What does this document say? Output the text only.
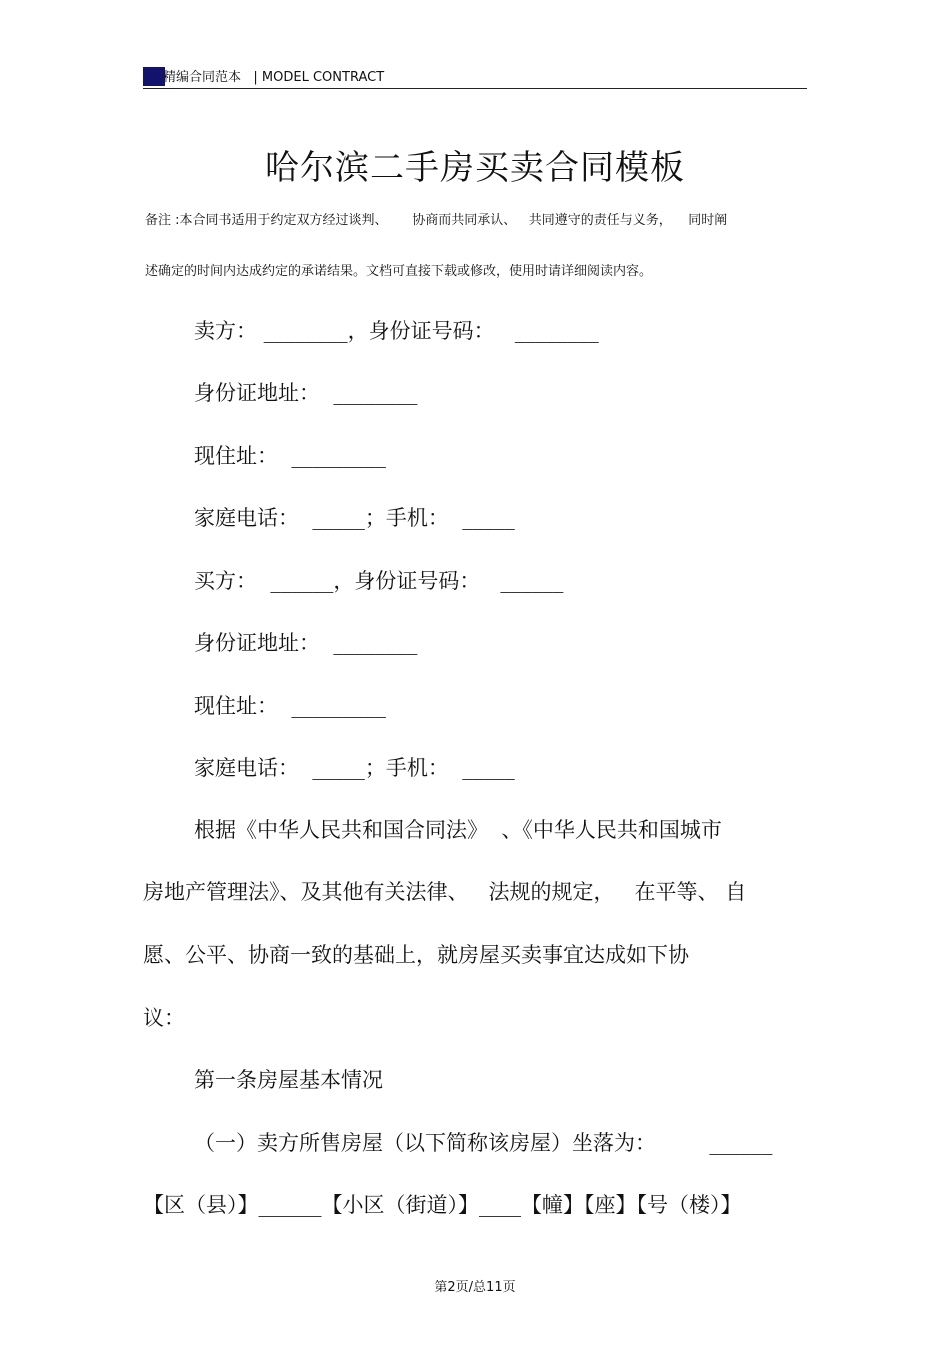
精编合同范本 | MODEL CONTRACT
哈尔滨二手房买卖合同模板
备注 :本合同书适用于约定双方经过谈判、      协商而共同承认、   共同遵守的责任与义务，    同时阐
述确定的时间内达成约定的承诺结果。文档可直接下载或修改，使用时请详细阅读内容。
卖方： ________，身份证号码：   ________
身份证地址：  ________
现住址：  _________
家庭电话：  _____；手机：  _____
买方：  ______，身份证号码：   ______
身份证地址：  ________
现住址：  _________
家庭电话：  _____；手机：  _____
根据《中华人民共和国合同法》  、《中华人民共和国城市
房地产管理法》、及其他有关法律、   法规的规定，   在平等、 自
愿、公平、协商一致的基础上，就房屋买卖事宜达成如下协
议：
第一条房屋基本情况
（一）卖方所售房屋（以下简称该房屋）坐落为：        ______
【区（县）】______【小区（街道）】____【幢】【座】【号（楼）】
第2页/总11页
